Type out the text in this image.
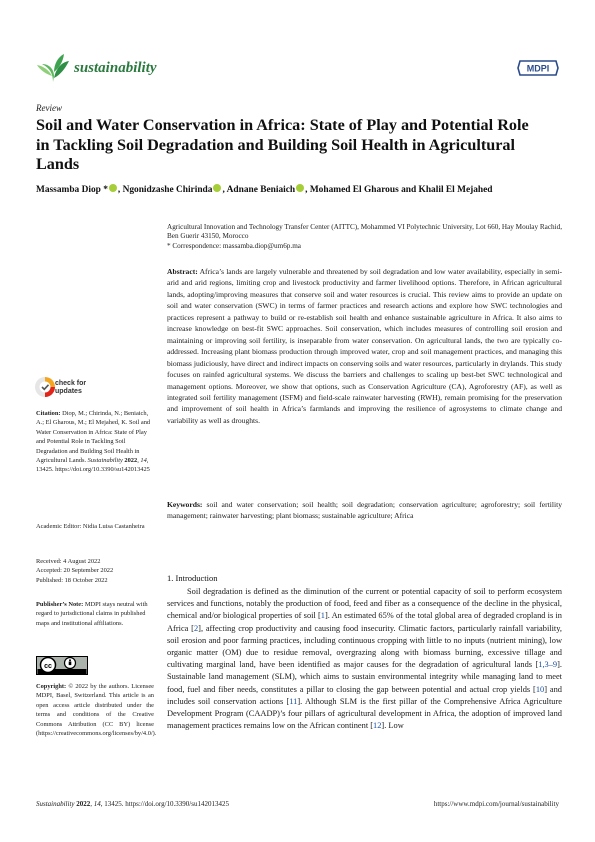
sustainability	MDPI
Review
Soil and Water Conservation in Africa: State of Play and Potential Role in Tackling Soil Degradation and Building Soil Health in Agricultural Lands
Massamba Diop * , Ngonidzashe Chirinda , Adnane Beniaich , Mohamed El Gharous and Khalil El Mejahed
Agricultural Innovation and Technology Transfer Center (AITTC), Mohammed VI Polytechnic University, Lot 660, Hay Moulay Rachid, Ben Guerir 43150, Morocco
* Correspondence: massamba.diop@um6p.ma

Abstract: Africa’s lands are largely vulnerable and threatened by soil degradation and low water availability, especially in semi-arid and arid regions, limiting crop and livestock productivity and farmer livelihood options. Therefore, in African agricultural lands, adopting/improving measures that conserve soil and water resources is crucial. This review aims to provide an update on soil and water conservation (SWC) in terms of farmer practices and research actions and explore how SWC technologies and practices represent a pathway to build or re-establish soil health and enhance sustainable agriculture in Africa. It also aims to increase knowledge on best-fit SWC approaches. Soil conservation, which includes measures of controlling soil erosion and maintaining or improving soil fertility, is inseparable from water conservation. On agricultural lands, the two are typically co-addressed. Increasing plant biomass production through improved water, crop and soil management practices, and managing this biomass judiciously, have direct and indirect impacts on conserving soils and water resources, particularly in drylands. This study focuses on rainfed agricultural systems. We discuss the barriers and challenges to scaling up best-bet SWC technological and management options. Moreover, we show that options, such as Conservation Agriculture (CA), Agroforestry (AF), as well as integrated soil fertility management (ISFM) and field-scale rainwater harvesting (RWH), remain promising for the preservation and improvement of soil health in Africa’s farmlands and improving the resilience of agrosystems to climate change and variability as well as droughts.

Keywords: soil and water conservation; soil health; soil degradation; conservation agriculture; agroforestry; soil fertility management; rainwater harvesting; plant biomass; sustainable agriculture; Africa

1. Introduction

Soil degradation is defined as the diminution of the current or potential capacity of soil to perform ecosystem services and functions, notably the production of food, feed and fiber as a consequence of the decline in the physical, chemical and/or biological properties of soil [1]. An estimated 65% of the total global area of degraded cropland is in Africa [2], affecting crop productivity and causing food insecurity. Climatic factors, particularly rainfall variability, soil erosion and poor farming practices, including continuous cropping with little to no inputs (nutrient mining), low organic matter (OM) due to residue removal, overgrazing along with biomass burning, excessive tillage and cultivating marginal land, have been identified as major causes for the degradation of agricultural lands [1,3–9]. Sustainable land management (SLM), which aims to sustain environmental integrity while managing land to meet food, fuel and fiber needs, constitutes a pillar to closing the gap between potential and actual crop yields [10] and includes soil conservation actions [11]. Although SLM is the first pillar of the Comprehensive Africa Agriculture Development Program (CAADP)’s four pillars of agricultural development in Africa, the adoption of improved land management practices remains low on the African continent [12]. Low

check for
updates
Citation: Diop, M.; Chirinda, N.; Beniaich, A.; El Gharous, M.; El Mejahed, K. Soil and Water Conservation in Africa: State of Play and Potential Role in Tackling Soil Degradation and Building Soil Health in Agricultural Lands. Sustainability 2022, 14, 13425. https://doi.org/10.3390/su142013425
Academic Editor: Nidia Luisa Castanheira
Received: 4 August 2022
Accepted: 20 September 2022
Published: 18 October 2022
Publisher’s Note: MDPI stays neutral with regard to jurisdictional claims in published maps and institutional affiliations.
cc
Copyright: © 2022 by the authors. Licensee MDPI, Basel, Switzerland. This article is an open access article distributed under the terms and conditions of the Creative Commons Attribution (CC BY) license (https://creativecommons.org/licenses/by/4.0/).
Sustainability 2022, 14, 13425. https://doi.org/10.3390/su142013425	https://www.mdpi.com/journal/sustainability
